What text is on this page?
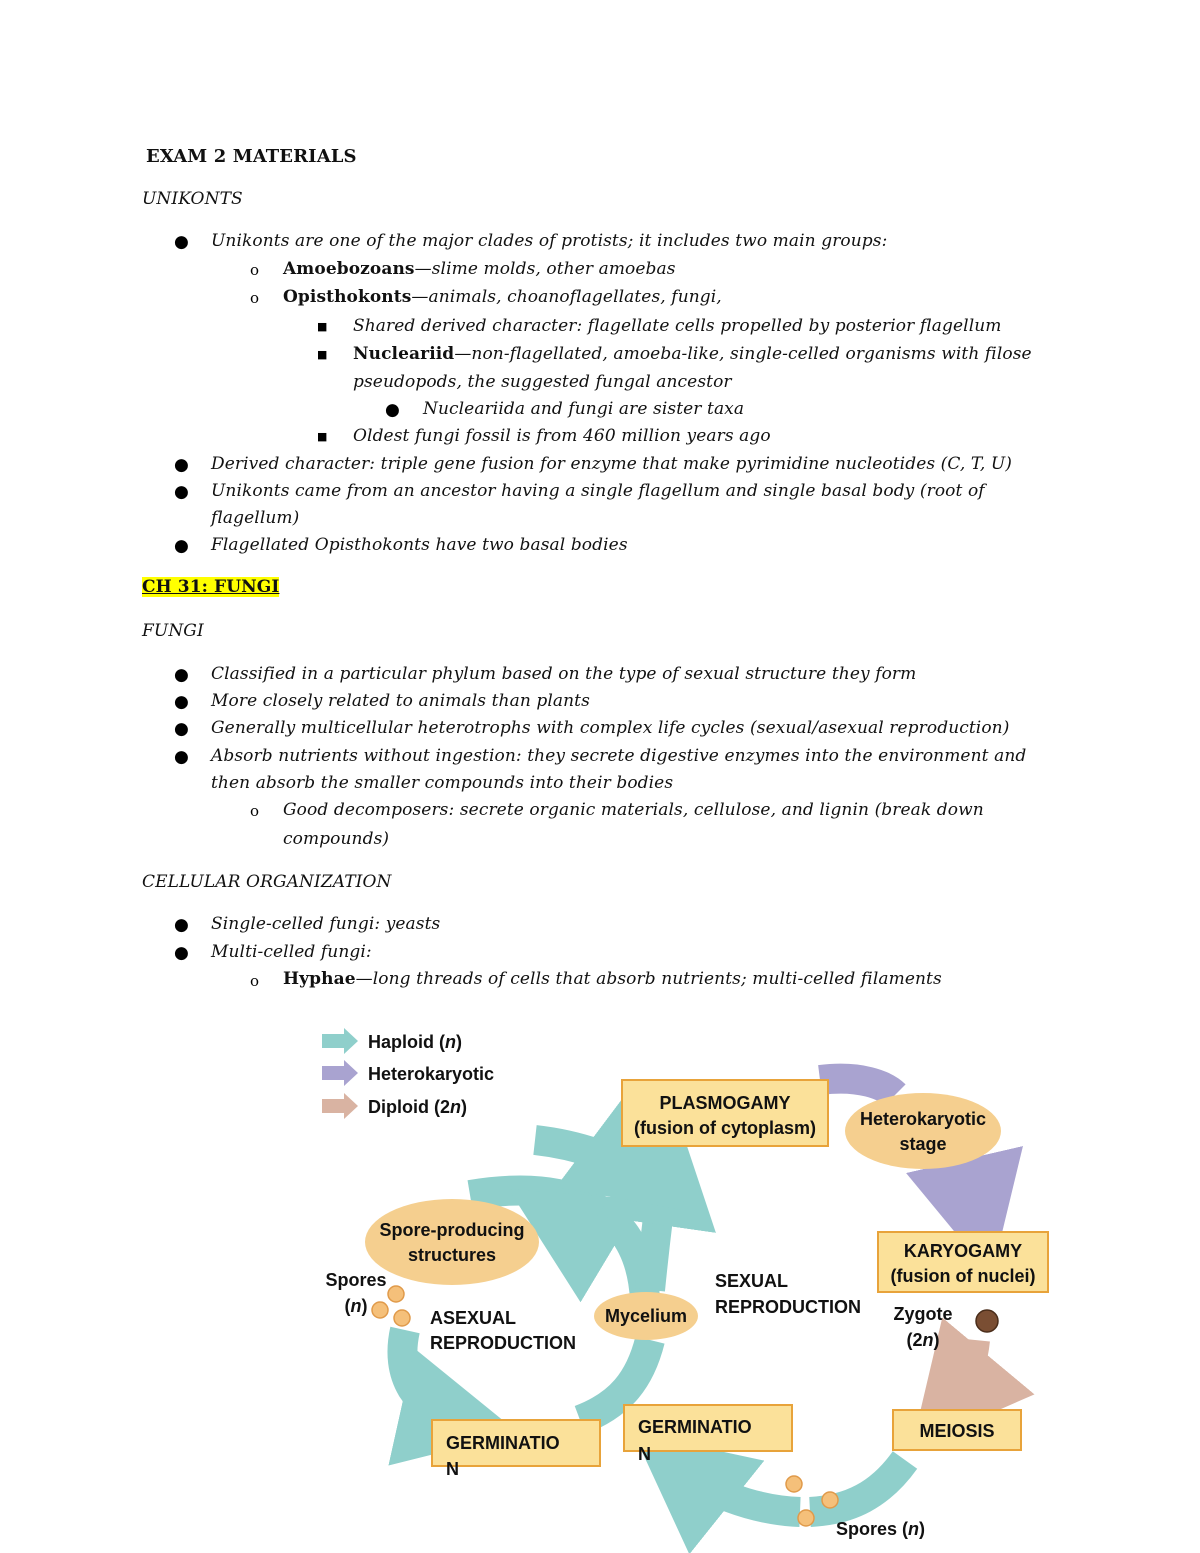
EXAM 2 MATERIALS
UNIKONTS
● Unikonts are one of the major clades of protists; it includes two main groups:
o Amoebozoans—slime molds, other amoebas
o Opisthokonts—animals, choanoflagellates, fungi,
■ Shared derived character: flagellate cells propelled by posterior flagellum
■ Nucleariid—non-flagellated, amoeba-like, single-celled organisms with filose
pseudopods, the suggested fungal ancestor
● Nucleariida and fungi are sister taxa
■ Oldest fungi fossil is from 460 million years ago
● Derived character: triple gene fusion for enzyme that make pyrimidine nucleotides (C, T, U)
● Unikonts came from an ancestor having a single flagellum and single basal body (root of
flagellum)
● Flagellated Opisthokonts have two basal bodies
CH 31: FUNGI
FUNGI
● Classified in a particular phylum based on the type of sexual structure they form
● More closely related to animals than plants
● Generally multicellular heterotrophs with complex life cycles (sexual/asexual reproduction)
● Absorb nutrients without ingestion: they secrete digestive enzymes into the environment and
then absorb the smaller compounds into their bodies
o Good decomposers: secrete organic materials, cellulose, and lignin (break down
compounds)
CELLULAR ORGANIZATION
● Single-celled fungi: yeasts
● Multi-celled fungi:
o Hyphae—long threads of cells that absorb nutrients; multi-celled filaments
Haploid (n)
Heterokaryotic
Diploid (2n)	PLASMOGAMY
(fusion of cytoplasm) Heterokaryotic
stage
KARYOGAMY
(fusion of nuclei)
Spore-producing
structures
Spores
(n)
ASEXUAL
REPRODUCTION
Mycelium
SEXUAL
REPRODUCTION Zygote
(2n)
GERMINATIO
N
GERMINATIO
N
MEIOSIS
Spores (n)
